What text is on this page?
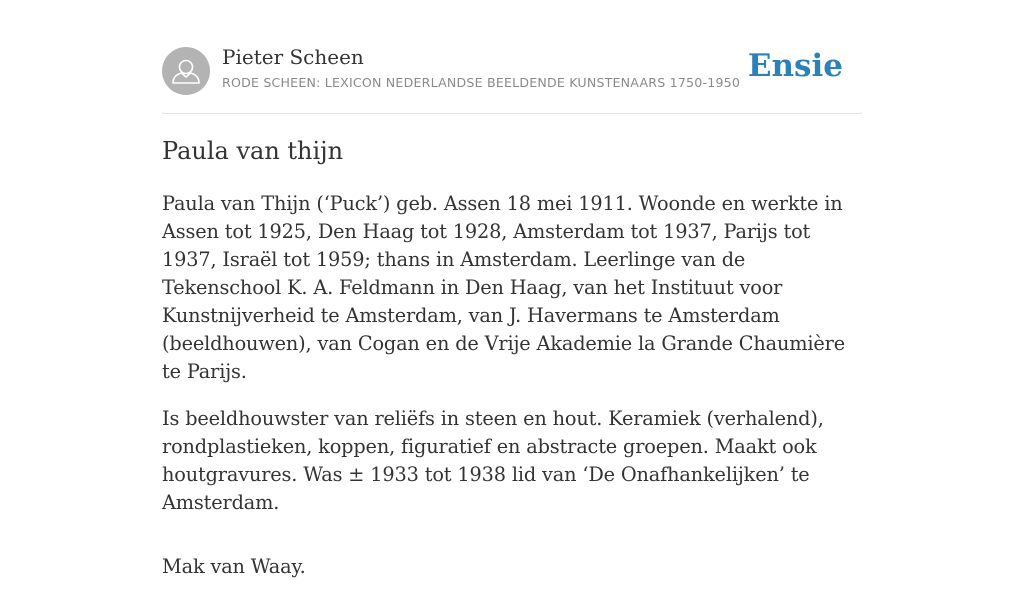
Pieter Scheen
RODE SCHEEN: LEXICON NEDERLANDSE BEELDENDE KUNSTENAARS 1750-1950 Ensie
Paula van thijn

Paula van Thijn (‘Puck’) geb. Assen 18 mei 1911. Woonde en werkte in Assen tot 1925, Den Haag tot 1928, Amsterdam tot 1937, Parijs tot 1937, Israël tot 1959; thans in Amsterdam. Leerlinge van de Tekenschool K. A. Feldmann in Den Haag, van het Instituut voor Kunstnijverheid te Amsterdam, van J. Havermans te Amsterdam (beeldhouwen), van Cogan en de Vrije Akademie la Grande Chaumière te Parijs.

Is beeldhouwster van reliëfs in steen en hout. Keramiek (verhalend), rondplastieken, koppen, figuratief en abstracte groepen. Maakt ook houtgravures. Was ± 1933 tot 1938 lid van ‘De Onafhankelijken’ te Amsterdam.

Mak van Waay.
